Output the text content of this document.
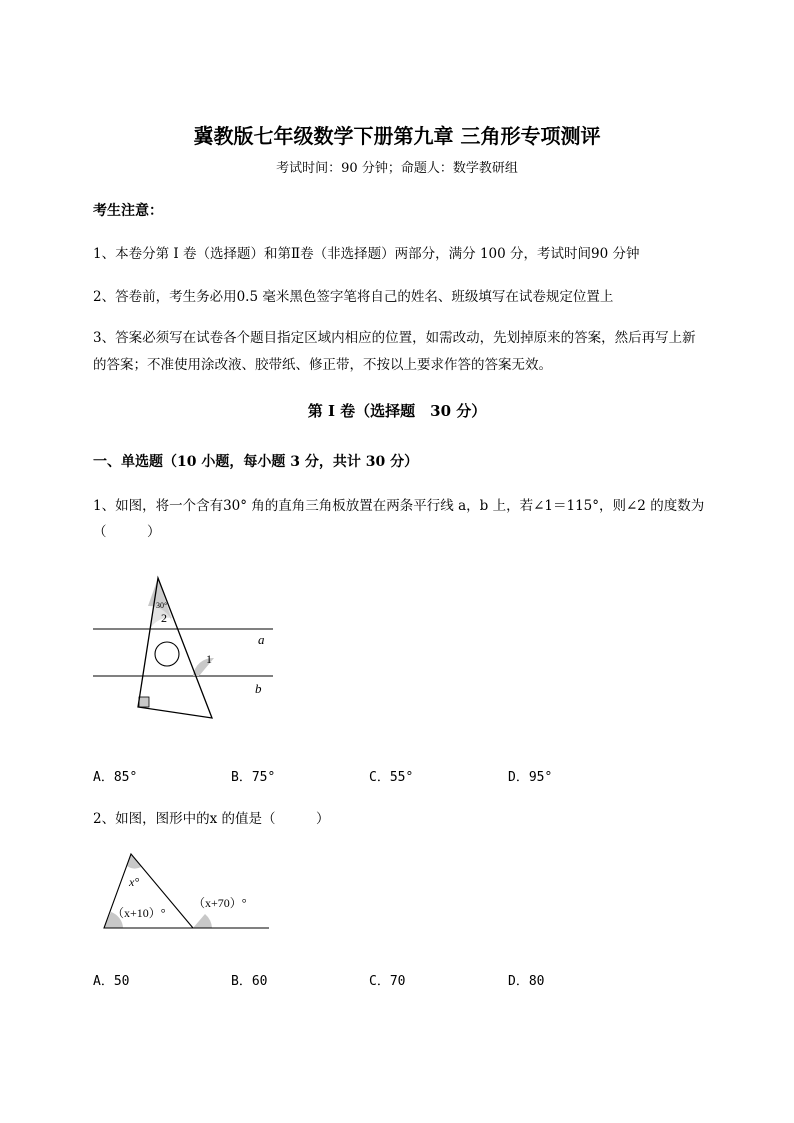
冀教版七年级数学下册第九章 三角形专项测评
考试时间：90 分钟；命题人：数学教研组
考生注意：
1、本卷分第 I 卷（选择题）和第Ⅱ卷（非选择题）两部分，满分 100 分，考试时间90 分钟
2、答卷前，考生务必用0.5 毫米黑色签字笔将自己的姓名、班级填写在试卷规定位置上
3、答案必须写在试卷各个题目指定区域内相应的位置，如需改动，先划掉原来的答案，然后再写上新
的答案；不准使用涂改液、胶带纸、修正带，不按以上要求作答的答案无效。
第 I 卷（选择题　30 分）
一、单选题（10 小题，每小题 3 分，共计 30 分）
1、如图，将一个含有30° 角的直角三角板放置在两条平行线 a，b 上，若∠1＝115°，则∠2 的度数为
（　　　）
30°
2
1
a
b
A．85°	B．75°	C．55°	D．95°
2、如图，图形中的x 的值是（　　　）
x°
（x+10）°
（x+70）°
A．50	B．60	C．70	D．80
